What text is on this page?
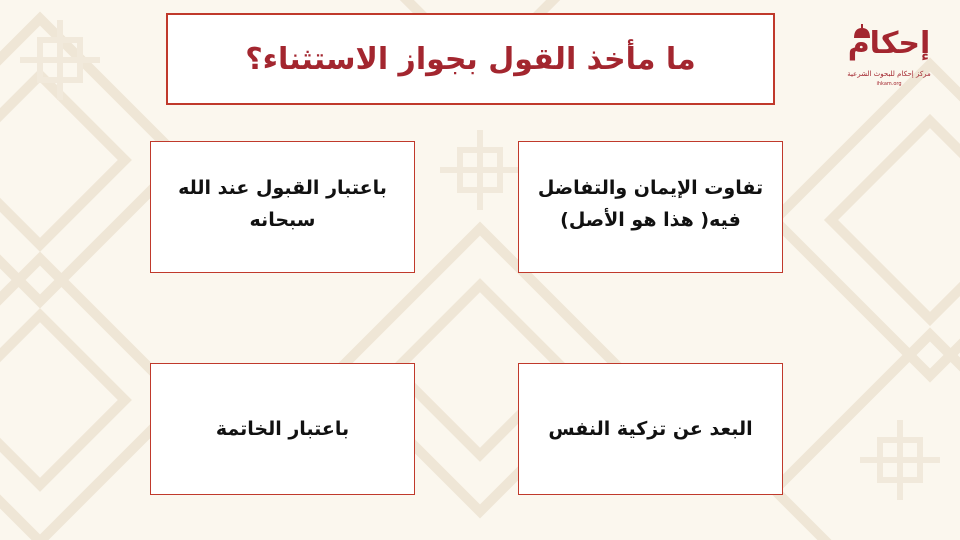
ما مأخذ القول بجواز الاستثناء؟
تفاوت الإيمان والتفاضل
فيه( هذا هو الأصل)
باعتبار القبول عند الله
سبحانه
البعد عن تزكية النفس
باعتبار الخاتمة
إحكام
مركز إحكام للبحوث الشرعية
ihkam.org
